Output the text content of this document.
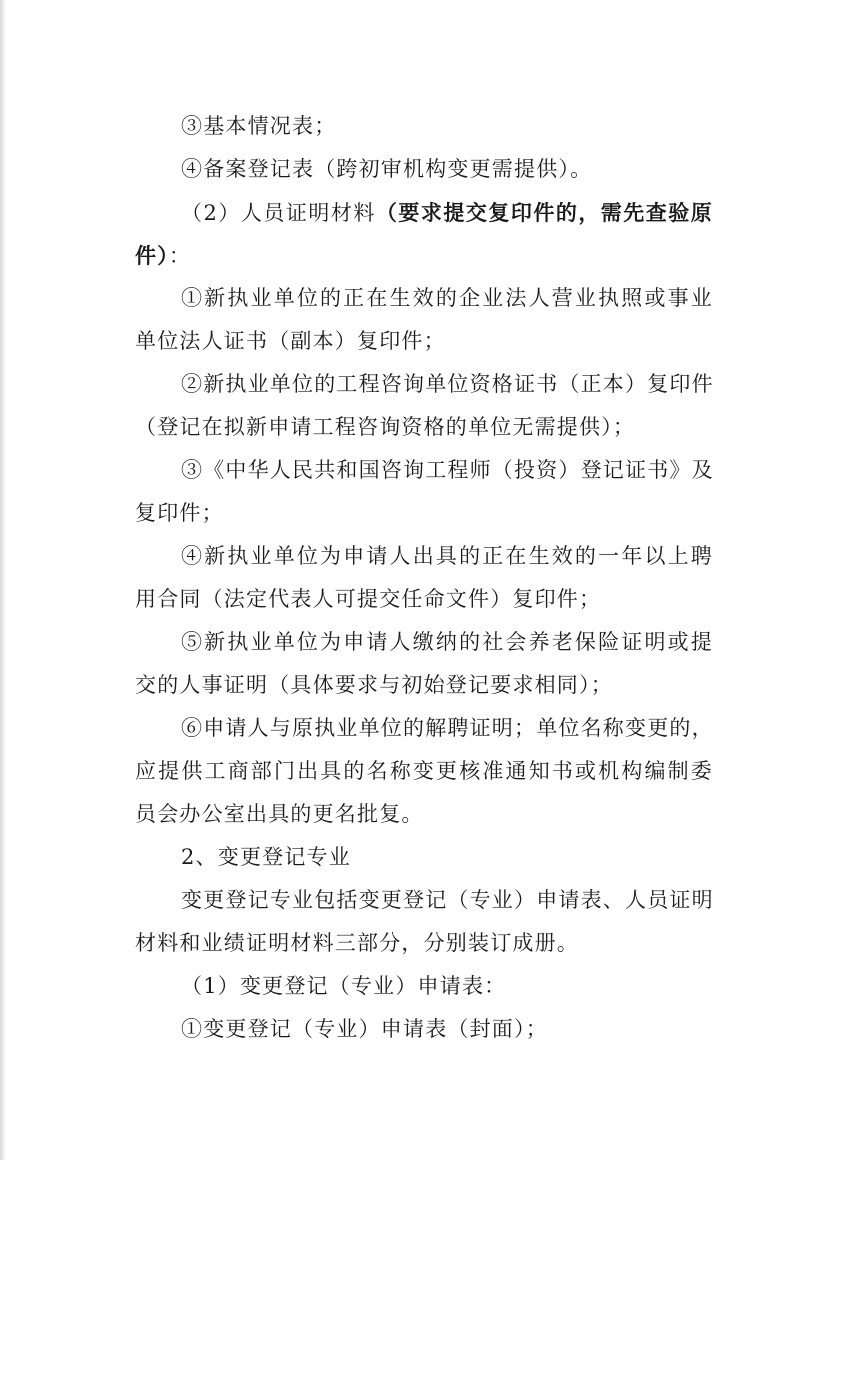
③基本情况表；
④备案登记表（跨初审机构变更需提供）。
（2）人员证明材料（要求提交复印件的，需先查验原
件）：
①新执业单位的正在生效的企业法人营业执照或事业
单位法人证书（副本）复印件；
②新执业单位的工程咨询单位资格证书（正本）复印件
（登记在拟新申请工程咨询资格的单位无需提供）；
③《中华人民共和国咨询工程师（投资）登记证书》及
复印件；
④新执业单位为申请人出具的正在生效的一年以上聘
用合同（法定代表人可提交任命文件）复印件；
⑤新执业单位为申请人缴纳的社会养老保险证明或提
交的人事证明（具体要求与初始登记要求相同）；
⑥申请人与原执业单位的解聘证明；单位名称变更的，
应提供工商部门出具的名称变更核准通知书或机构编制委
员会办公室出具的更名批复。
2、变更登记专业
变更登记专业包括变更登记（专业）申请表、人员证明
材料和业绩证明材料三部分，分别装订成册。
（1）变更登记（专业）申请表：
①变更登记（专业）申请表（封面）；
